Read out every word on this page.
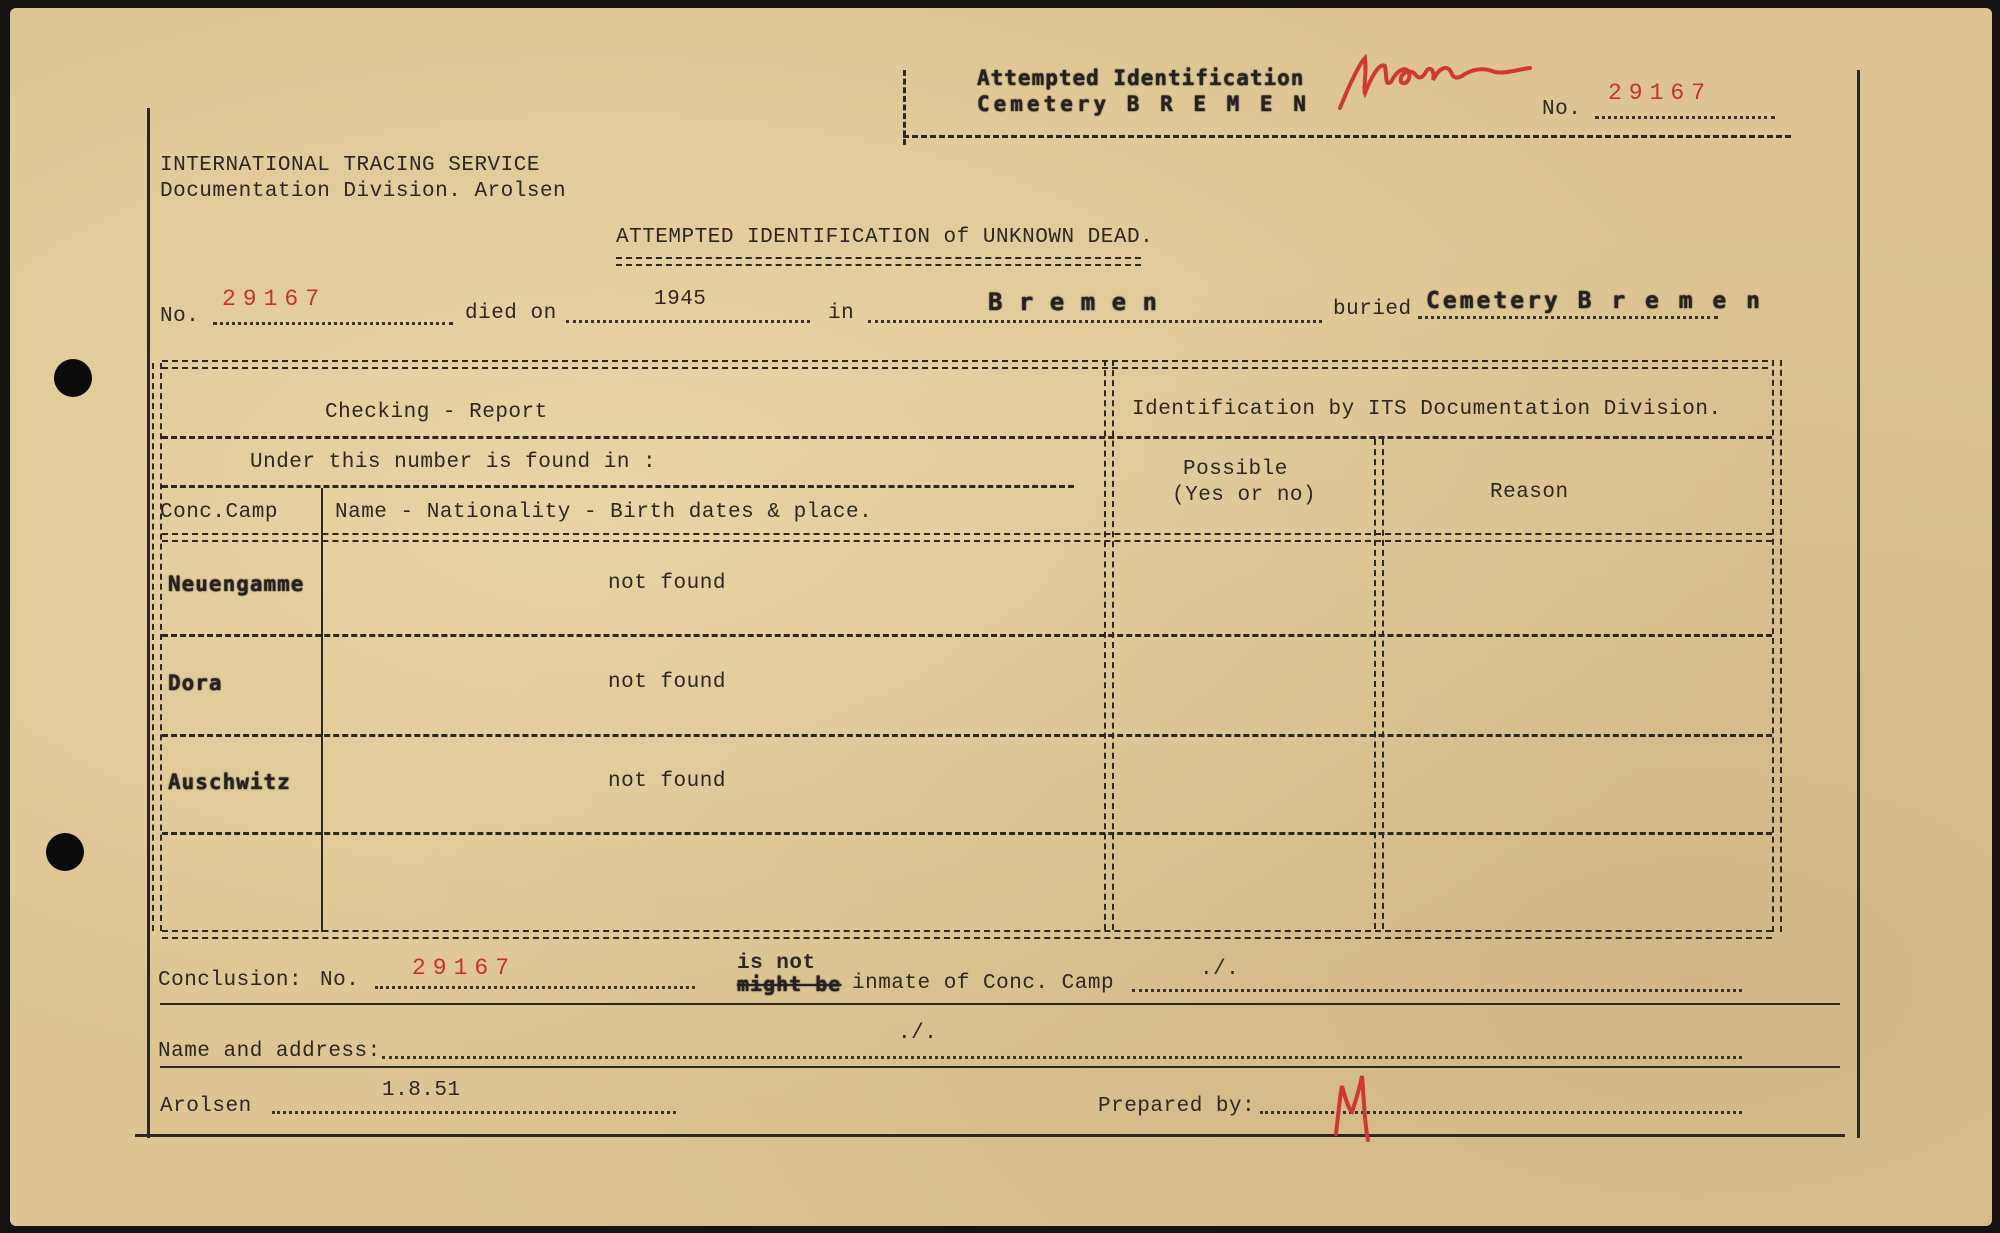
Attempted Identification
Cemetery B R E M E N	No.
29167
INTERNATIONAL TRACING SERVICE
Documentation Division. Arolsen
ATTEMPTED IDENTIFICATION of UNKNOWN DEAD.
No.
29167
died on
1945
in	B r e m e n	buried Cemetery B r e m e n
Checking - Report	Identification by ITS Documentation Division.
Under this number is found in :
Conc.Camp	Name - Nationality - Birth dates & place.
Possible
(Yes or no)	Reason
Neuengamme	not found
Dora	not found
Auschwitz	not found
Conclusion: No. 29167	is not
might be inmate of Conc. Camp
./.
Name and address:
./.
Arolsen
1.8.51
Prepared by:
